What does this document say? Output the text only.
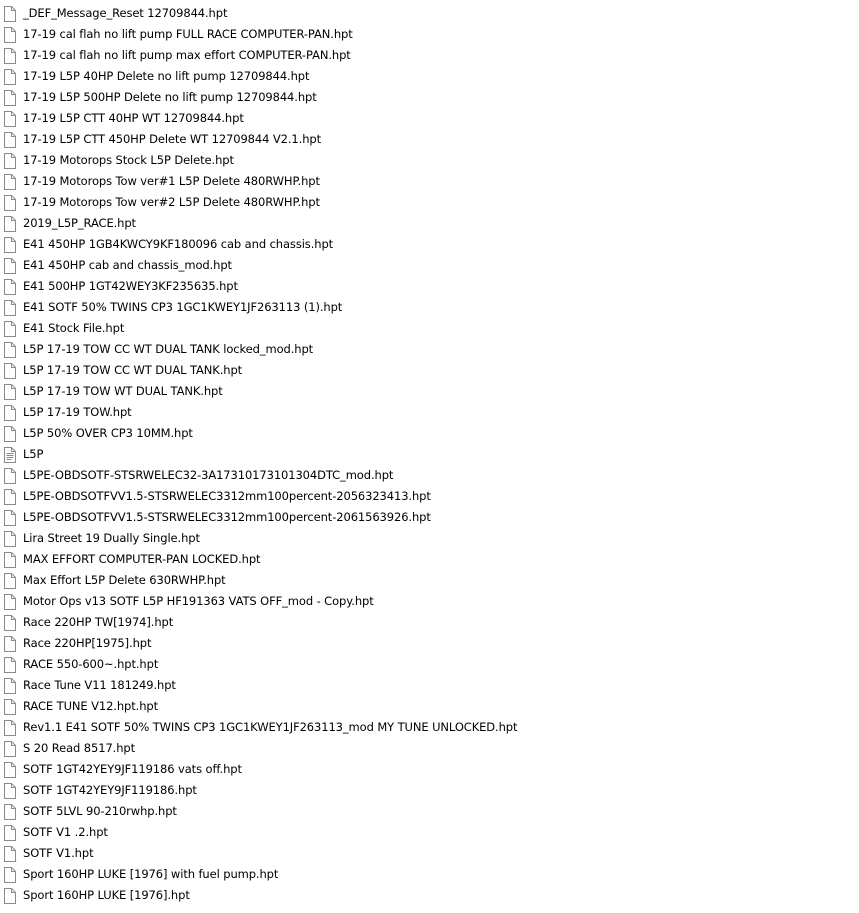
_DEF_Message_Reset 12709844.hpt
17-19 cal flah no lift pump FULL RACE COMPUTER-PAN.hpt
17-19 cal flah no lift pump max effort COMPUTER-PAN.hpt
17-19 L5P 40HP Delete no lift pump 12709844.hpt
17-19 L5P 500HP Delete no lift pump 12709844.hpt
17-19 L5P CTT 40HP WT 12709844.hpt
17-19 L5P CTT 450HP Delete WT 12709844 V2.1.hpt
17-19 Motorops Stock L5P Delete.hpt
17-19 Motorops Tow ver#1 L5P Delete 480RWHP.hpt
17-19 Motorops Tow ver#2 L5P Delete 480RWHP.hpt
2019_L5P_RACE.hpt
E41 450HP 1GB4KWCY9KF180096 cab and chassis.hpt
E41 450HP cab and chassis_mod.hpt
E41 500HP 1GT42WEY3KF235635.hpt
E41 SOTF 50% TWINS CP3 1GC1KWEY1JF263113 (1).hpt
E41 Stock File.hpt
L5P 17-19 TOW CC WT DUAL TANK locked_mod.hpt
L5P 17-19 TOW CC WT DUAL TANK.hpt
L5P 17-19 TOW WT DUAL TANK.hpt
L5P 17-19 TOW.hpt
L5P 50% OVER CP3 10MM.hpt
L5P
L5PE-OBDSOTF-STSRWELEC32-3A17310173101304DTC_mod.hpt
L5PE-OBDSOTFVV1.5-STSRWELEC3312mm100percent-2056323413.hpt
L5PE-OBDSOTFVV1.5-STSRWELEC3312mm100percent-2061563926.hpt
Lira Street 19 Dually Single.hpt
MAX EFFORT COMPUTER-PAN LOCKED.hpt
Max Effort L5P Delete 630RWHP.hpt
Motor Ops v13 SOTF L5P HF191363 VATS OFF_mod - Copy.hpt
Race 220HP TW[1974].hpt
Race 220HP[1975].hpt
RACE 550-600~.hpt.hpt
Race Tune V11 181249.hpt
RACE TUNE V12.hpt.hpt
Rev1.1 E41 SOTF 50% TWINS CP3 1GC1KWEY1JF263113_mod MY TUNE UNLOCKED.hpt
S 20 Read 8517.hpt
SOTF 1GT42YEY9JF119186 vats off.hpt
SOTF 1GT42YEY9JF119186.hpt
SOTF 5LVL 90-210rwhp.hpt
SOTF V1 .2.hpt
SOTF V1.hpt
Sport 160HP LUKE [1976] with fuel pump.hpt
Sport 160HP LUKE [1976].hpt
